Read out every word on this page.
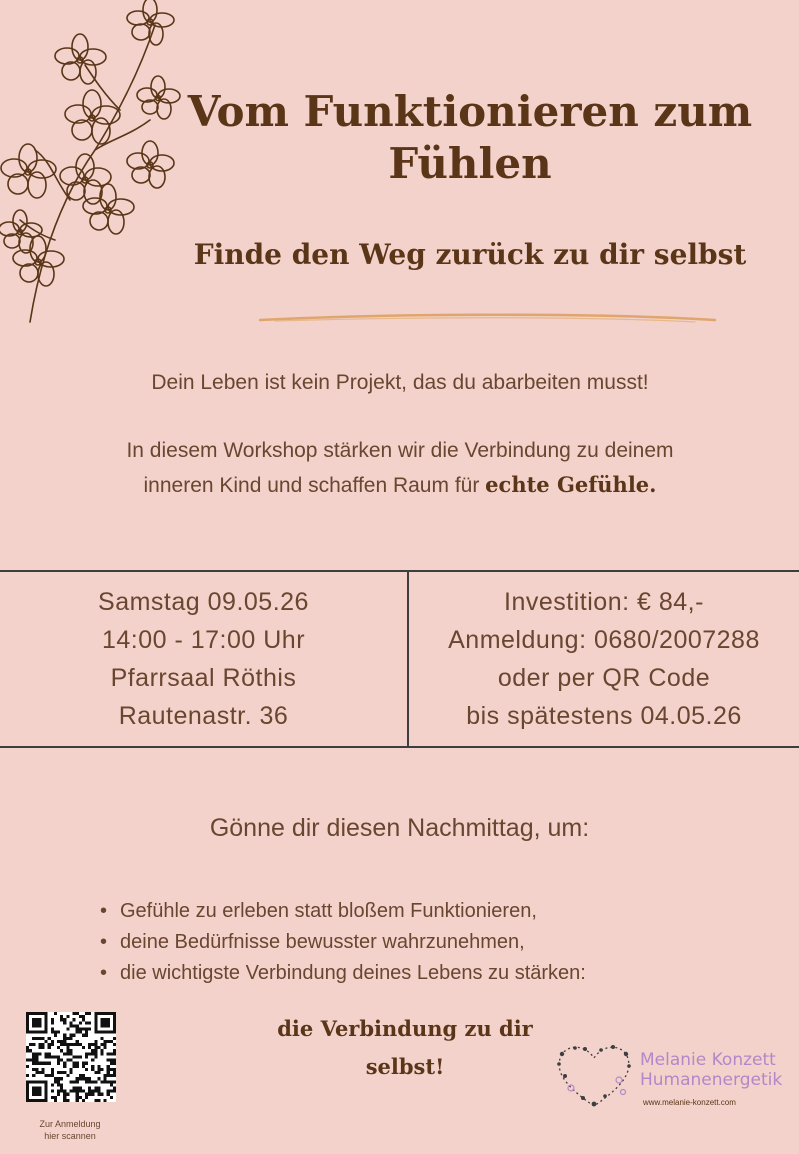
Vom Funktionieren zum Fühlen
Finde den Weg zurück zu dir selbst
Dein Leben ist kein Projekt, das du abarbeiten musst!
In diesem Workshop stärken wir die Verbindung zu deinem
inneren Kind und schaffen Raum für echte Gefühle.
Samstag 09.05.26
14:00 - 17:00 Uhr
Pfarrsaal Röthis
Rautenastr. 36
Investition: € 84,-
Anmeldung: 0680/2007288
oder per QR Code
bis spätestens 04.05.26
Gönne dir diesen Nachmittag, um:
• Gefühle zu erleben statt bloßem Funktionieren,
• deine Bedürfnisse bewusster wahrzunehmen,
• die wichtigste Verbindung deines Lebens zu stärken:
die Verbindung zu dir
selbst!
Zur Anmeldung
hier scannen
Melanie Konzett
Humanenergetik
www.melanie-konzett.com
